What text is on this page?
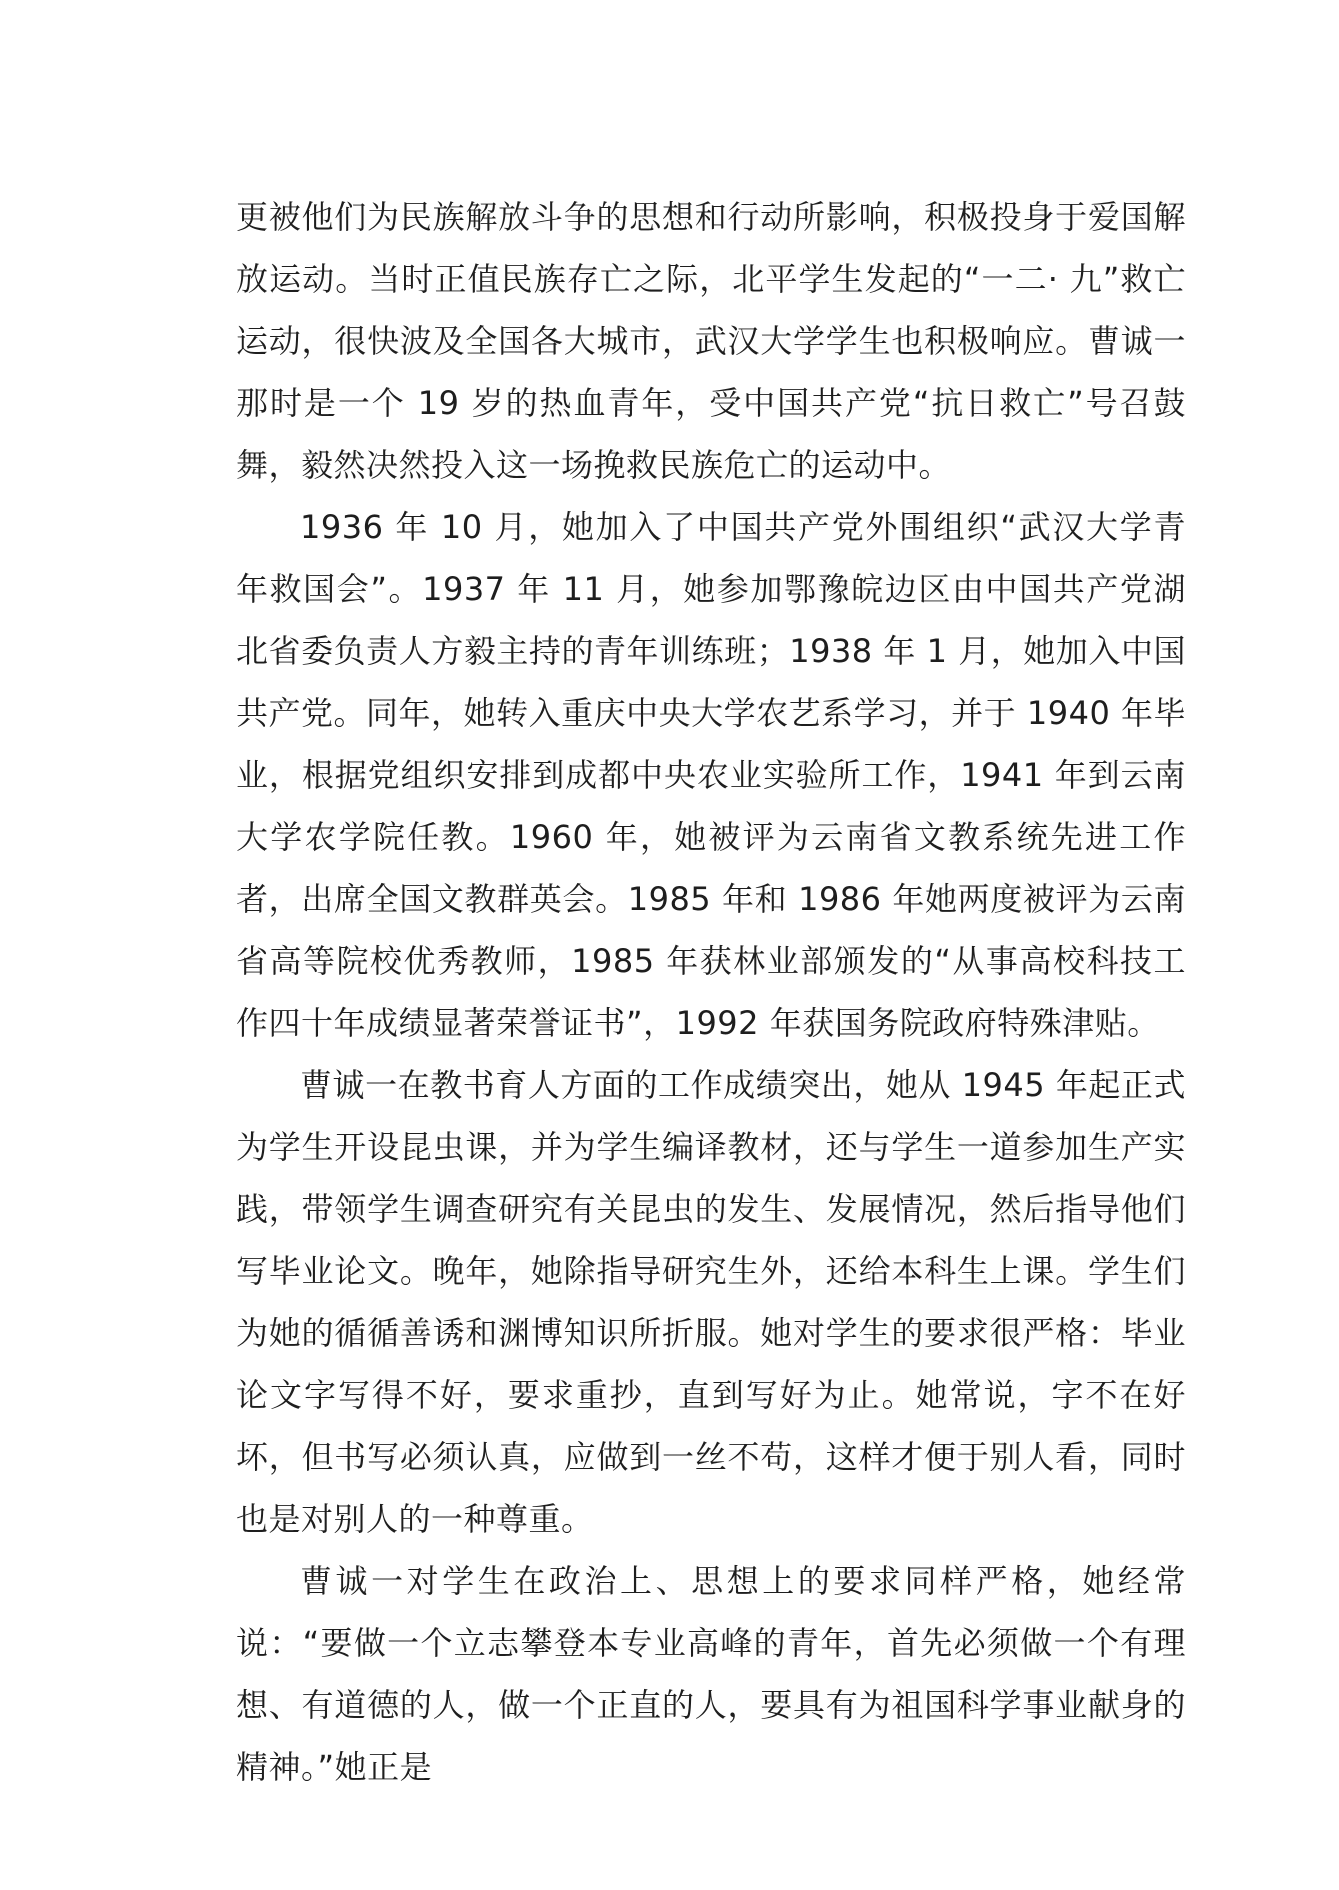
更被他们为民族解放斗争的思想和行动所影响，积极投身于爱国解放运动。当时正值民族存亡之际，北平学生发起的“一二· 九”救亡运动，很快波及全国各大城市，武汉大学学生也积极响应。曹诚一那时是一个 19 岁的热血青年，受中国共产党“抗日救亡”号召鼓舞，毅然决然投入这一场挽救民族危亡的运动中。

1936 年 10 月，她加入了中国共产党外围组织“武汉大学青年救国会”。1937 年 11 月，她参加鄂豫皖边区由中国共产党湖北省委负责人方毅主持的青年训练班；1938 年 1 月，她加入中国共产党。同年，她转入重庆中央大学农艺系学习，并于 1940 年毕业，根据党组织安排到成都中央农业实验所工作，1941 年到云南大学农学院任教。1960 年，她被评为云南省文教系统先进工作者，出席全国文教群英会。1985 年和 1986 年她两度被评为云南省高等院校优秀教师，1985 年获林业部颁发的“从事高校科技工作四十年成绩显著荣誉证书”，1992 年获国务院政府特殊津贴。

曹诚一在教书育人方面的工作成绩突出，她从 1945 年起正式为学生开设昆虫课，并为学生编译教材，还与学生一道参加生产实践，带领学生调查研究有关昆虫的发生、发展情况，然后指导他们写毕业论文。晚年，她除指导研究生外，还给本科生上课。学生们为她的循循善诱和渊博知识所折服。她对学生的要求很严格：毕业论文字写得不好，要求重抄，直到写好为止。她常说，字不在好坏，但书写必须认真，应做到一丝不苟，这样才便于别人看，同时也是对别人的一种尊重。

曹诚一对学生在政治上、思想上的要求同样严格，她经常说：“要做一个立志攀登本专业高峰的青年，首先必须做一个有理想、有道德的人，做一个正直的人，要具有为祖国科学事业献身的精神。”她正是
